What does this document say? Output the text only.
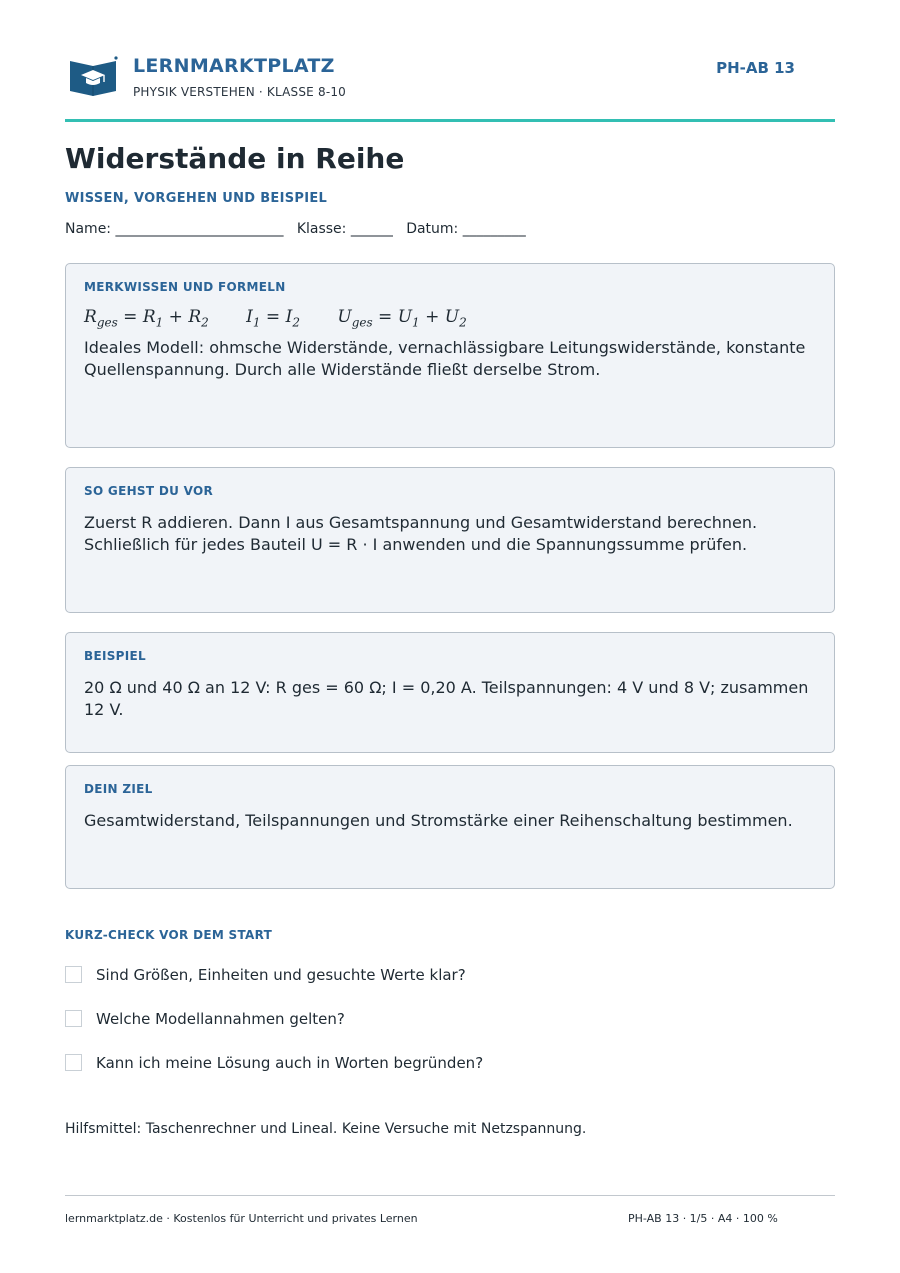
LERNMARKTPLATZ
PHYSIK VERSTEHEN · KLASSE 8-10
PH-AB 13
Widerstände in Reihe
WISSEN, VORGEHEN UND BEISPIEL
Name: ________________________   Klasse: ______   Datum: _________
MERKWISSEN UND FORMELN
$R_{ges} = R_1 + R_2$ $I_1 = I_2$ $U_{ges} = U_1 + U_2$
Ideales Modell: ohmsche Widerstände, vernachlässigbare Leitungswiderstände, konstante Quellenspannung. Durch alle Widerstände fließt derselbe Strom.
SO GEHST DU VOR
Zuerst R addieren. Dann I aus Gesamtspannung und Gesamtwiderstand berechnen. Schließlich für jedes Bauteil U = R · I anwenden und die Spannungssumme prüfen.
BEISPIEL
20 Ω und 40 Ω an 12 V: R ges = 60 Ω; I = 0,20 A. Teilspannungen: 4 V und 8 V; zusammen 12 V.
DEIN ZIEL
Gesamtwiderstand, Teilspannungen und Stromstärke einer Reihenschaltung bestimmen.
KURZ-CHECK VOR DEM START
Sind Größen, Einheiten und gesuchte Werte klar?
Welche Modellannahmen gelten?
Kann ich meine Lösung auch in Worten begründen?
Hilfsmittel: Taschenrechner und Lineal. Keine Versuche mit Netzspannung.
lernmarktplatz.de · Kostenlos für Unterricht und privates Lernen	PH-AB 13 · 1/5 · A4 · 100 %
